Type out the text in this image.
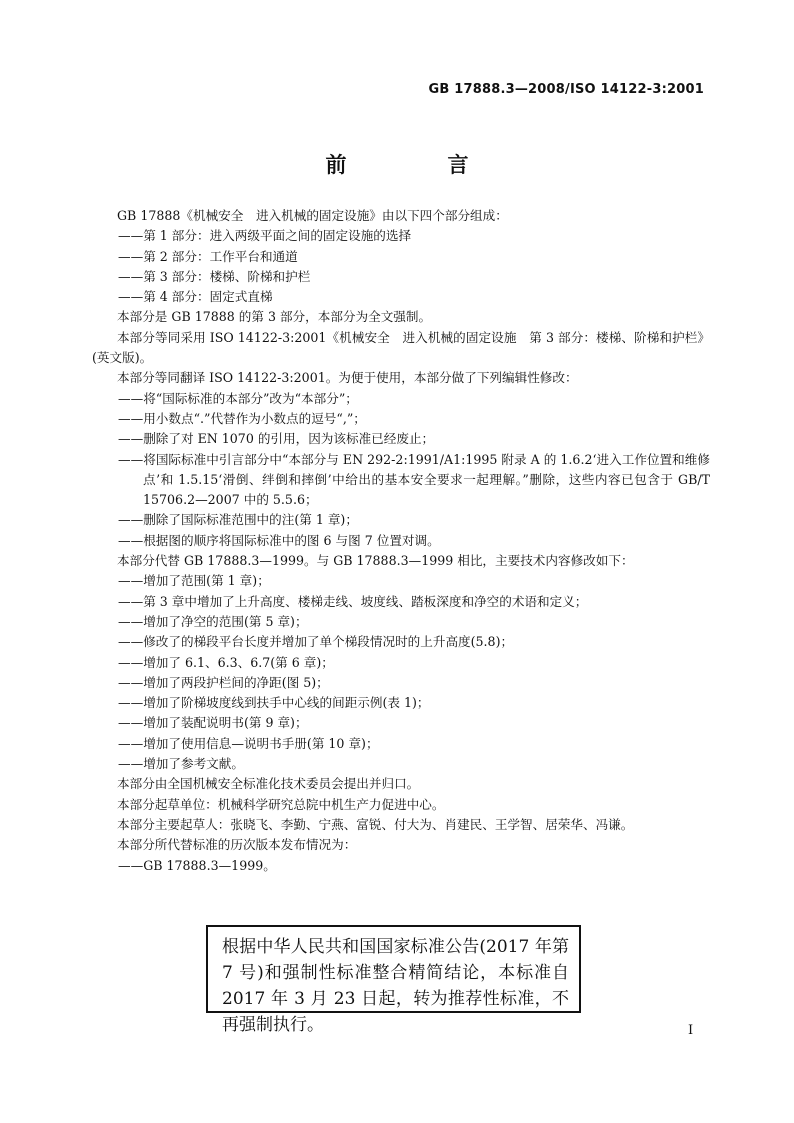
GB 17888.3—2008/ISO 14122-3:2001
前　言

GB 17888《机械安全　进入机械的固定设施》由以下四个部分组成：

——第 1 部分：进入两级平面之间的固定设施的选择

——第 2 部分：工作平台和通道

——第 3 部分：楼梯、阶梯和护栏

——第 4 部分：固定式直梯

本部分是 GB 17888 的第 3 部分，本部分为全文强制。

本部分等同采用 ISO 14122-3:2001《机械安全　进入机械的固定设施　第 3 部分：楼梯、阶梯和护栏》(英文版)。

本部分等同翻译 ISO 14122-3:2001。为便于使用，本部分做了下列编辑性修改：

——将“国际标准的本部分”改为“本部分”；

——用小数点“.”代替作为小数点的逗号“,”；

——删除了对 EN 1070 的引用，因为该标准已经废止；

——将国际标准中引言部分中“本部分与 EN 292-2:1991/A1:1995 附录 A 的 1.6.2‘进入工作位置和维修点’和 1.5.15‘滑倒、绊倒和摔倒’中给出的基本安全要求一起理解。”删除，这些内容已包含于 GB/T 15706.2—2007 中的 5.5.6；

——删除了国际标准范围中的注(第 1 章)；

——根据图的顺序将国际标准中的图 6 与图 7 位置对调。

本部分代替 GB 17888.3—1999。与 GB 17888.3—1999 相比，主要技术内容修改如下：

——增加了范围(第 1 章)；

——第 3 章中增加了上升高度、楼梯走线、坡度线、踏板深度和净空的术语和定义；

——增加了净空的范围(第 5 章)；

——修改了的梯段平台长度并增加了单个梯段情况时的上升高度(5.8)；

——增加了 6.1、6.3、6.7(第 6 章)；

——增加了两段护栏间的净距(图 5)；

——增加了阶梯坡度线到扶手中心线的间距示例(表 1)；

——增加了装配说明书(第 9 章)；

——增加了使用信息—说明书手册(第 10 章)；

——增加了参考文献。

本部分由全国机械安全标准化技术委员会提出并归口。

本部分起草单位：机械科学研究总院中机生产力促进中心。

本部分主要起草人：张晓飞、李勤、宁燕、富锐、付大为、肖建民、王学智、居荣华、冯谦。

本部分所代替标准的历次版本发布情况为：

——GB 17888.3—1999。

根据中华人民共和国国家标准公告(2017 年第 7 号)和强制性标准整合精简结论，本标准自 2017 年 3 月 23 日起，转为推荐性标准，不再强制执行。	I
